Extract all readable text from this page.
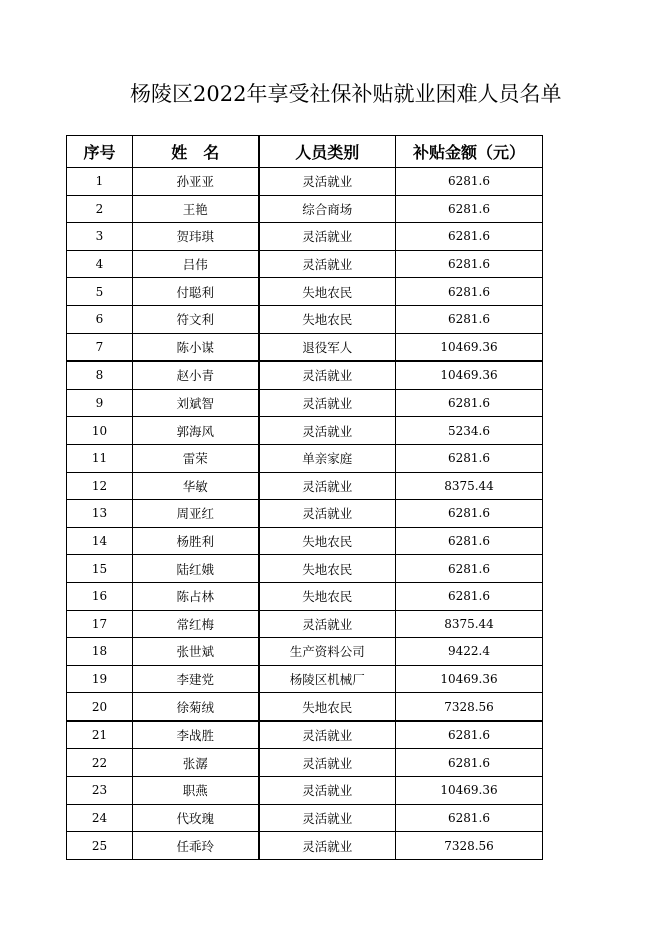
杨陵区2022年享受社保补贴就业困难人员名单
序号	姓　名	人员类别	补贴金额（元）
1	孙亚亚	灵活就业	6281.6
2	王艳	综合商场	6281.6
3	贺玮琪	灵活就业	6281.6
4	吕伟	灵活就业	6281.6
5	付聪利	失地农民	6281.6
6	符文利	失地农民	6281.6
7	陈小谋	退役军人	10469.36
8	赵小青	灵活就业	10469.36
9	刘斌智	灵活就业	6281.6
10	郭海风	灵活就业	5234.6
11	雷荣	单亲家庭	6281.6
12	华敏	灵活就业	8375.44
13	周亚红	灵活就业	6281.6
14	杨胜利	失地农民	6281.6
15	陆红娥	失地农民	6281.6
16	陈占林	失地农民	6281.6
17	常红梅	灵活就业	8375.44
18	张世斌	生产资料公司	9422.4
19	李建党	杨陵区机械厂	10469.36
20	徐菊绒	失地农民	7328.56
21	李战胜	灵活就业	6281.6
22	张潺	灵活就业	6281.6
23	职燕	灵活就业	10469.36
24	代玫瑰	灵活就业	6281.6
25	任乖玲	灵活就业	7328.56
